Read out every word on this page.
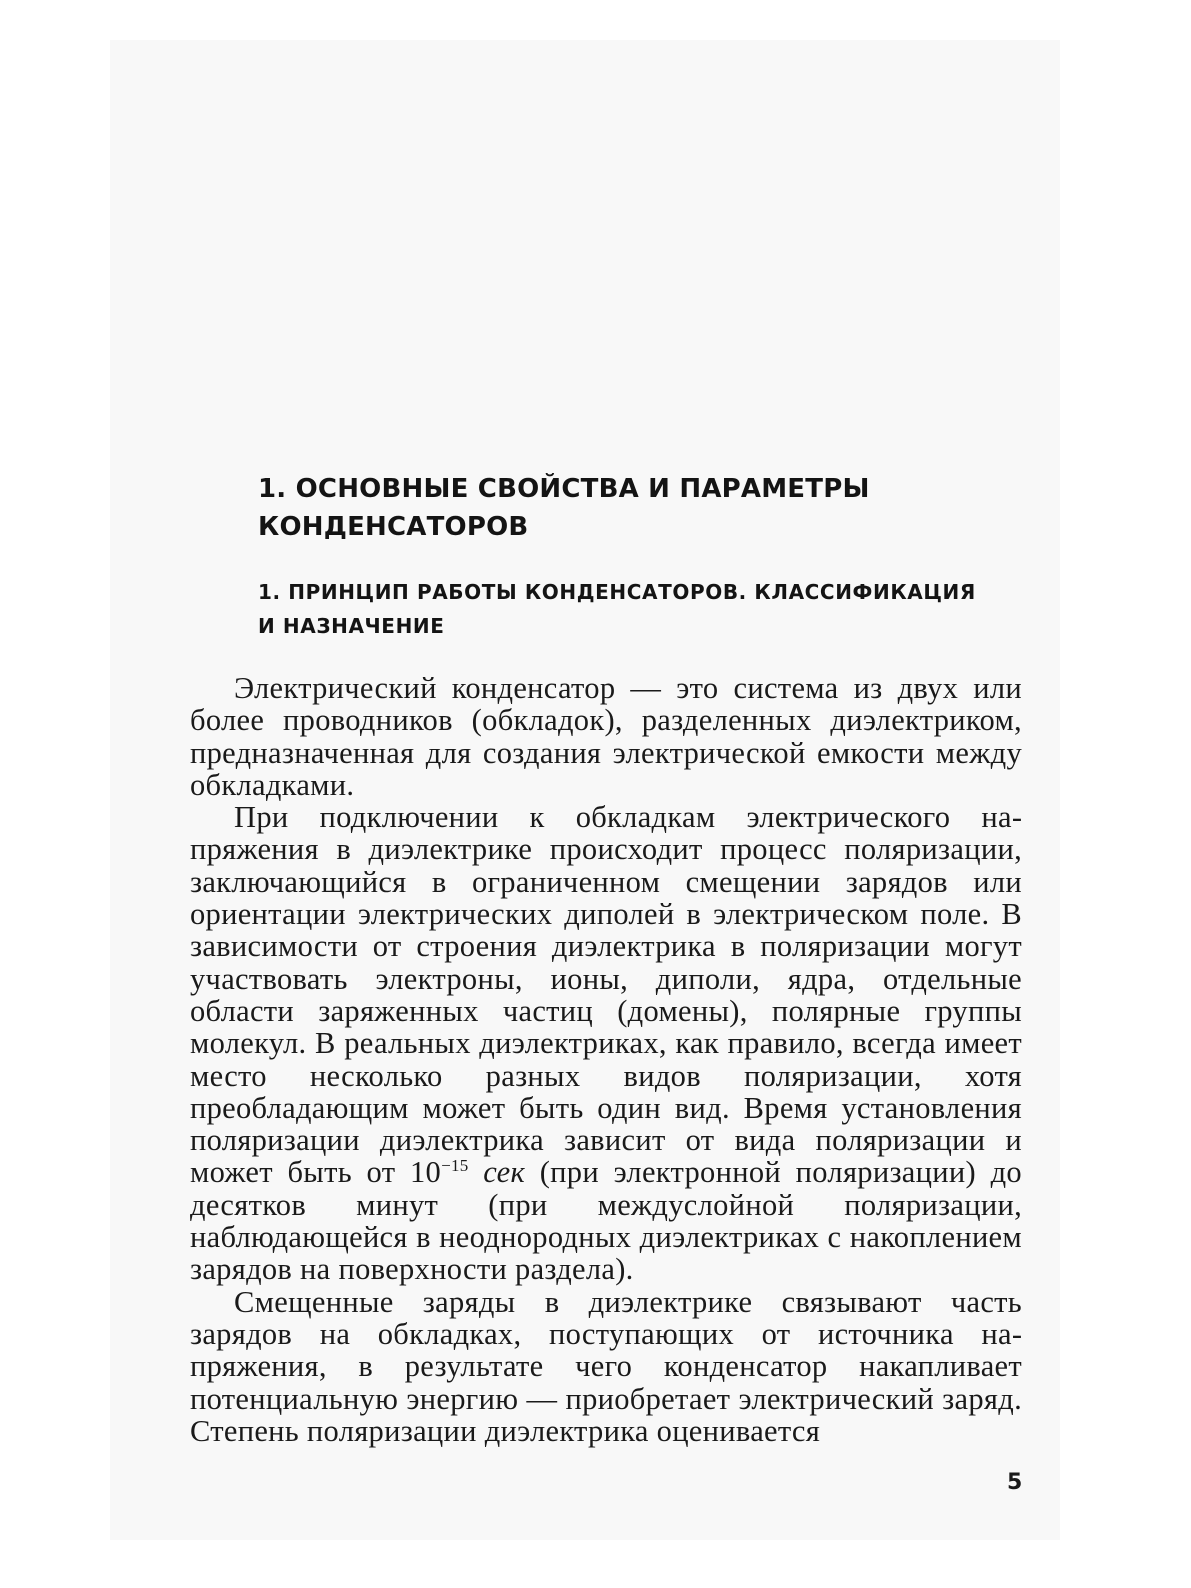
1. ОСНОВНЫЕ СВОЙСТВА И ПАРАМЕТРЫ
КОНДЕНСАТОРОВ
1. ПРИНЦИП РАБОТЫ КОНДЕНСАТОРОВ. КЛАССИФИКАЦИЯ
И НАЗНАЧЕНИЕ

Электрический конденсатор — это система из двух или более проводников (обкладок), разделенных диэлектриком, предназначенная для создания электрической емкости между обкладками.

При подключении к обкладкам электрического напряжения в диэлектрике происходит процесс поляризации, заключающийся в ограниченном смещении зарядов или ориентации электрических диполей в электрическом поле. В зависимости от строения диэлектрика в поляризации могут участвовать электроны, ионы, диполи, ядра, отдельные области заряженных частиц (домены), полярные группы молекул. В реальных диэлектриках, как правило, всегда имеет место несколько разных видов поляризации, хотя преобладающим может быть один вид. Время установления поляризации диэлектрика зависит от вида поляризации и может быть от $10^{-15}$ сек (при электронной поляризации) до десятков минут (при междуслойной поляризации, наблюдающейся в неоднородных диэлектриках с накоплением зарядов на поверхности раздела).

Смещенные заряды в диэлектрике связывают часть зарядов на обкладках, поступающих от источника напряжения, в результате чего конденсатор накапливает потенциальную энергию — приобретает электрический заряд. Степень поляризации диэлектрика оценивается

5
